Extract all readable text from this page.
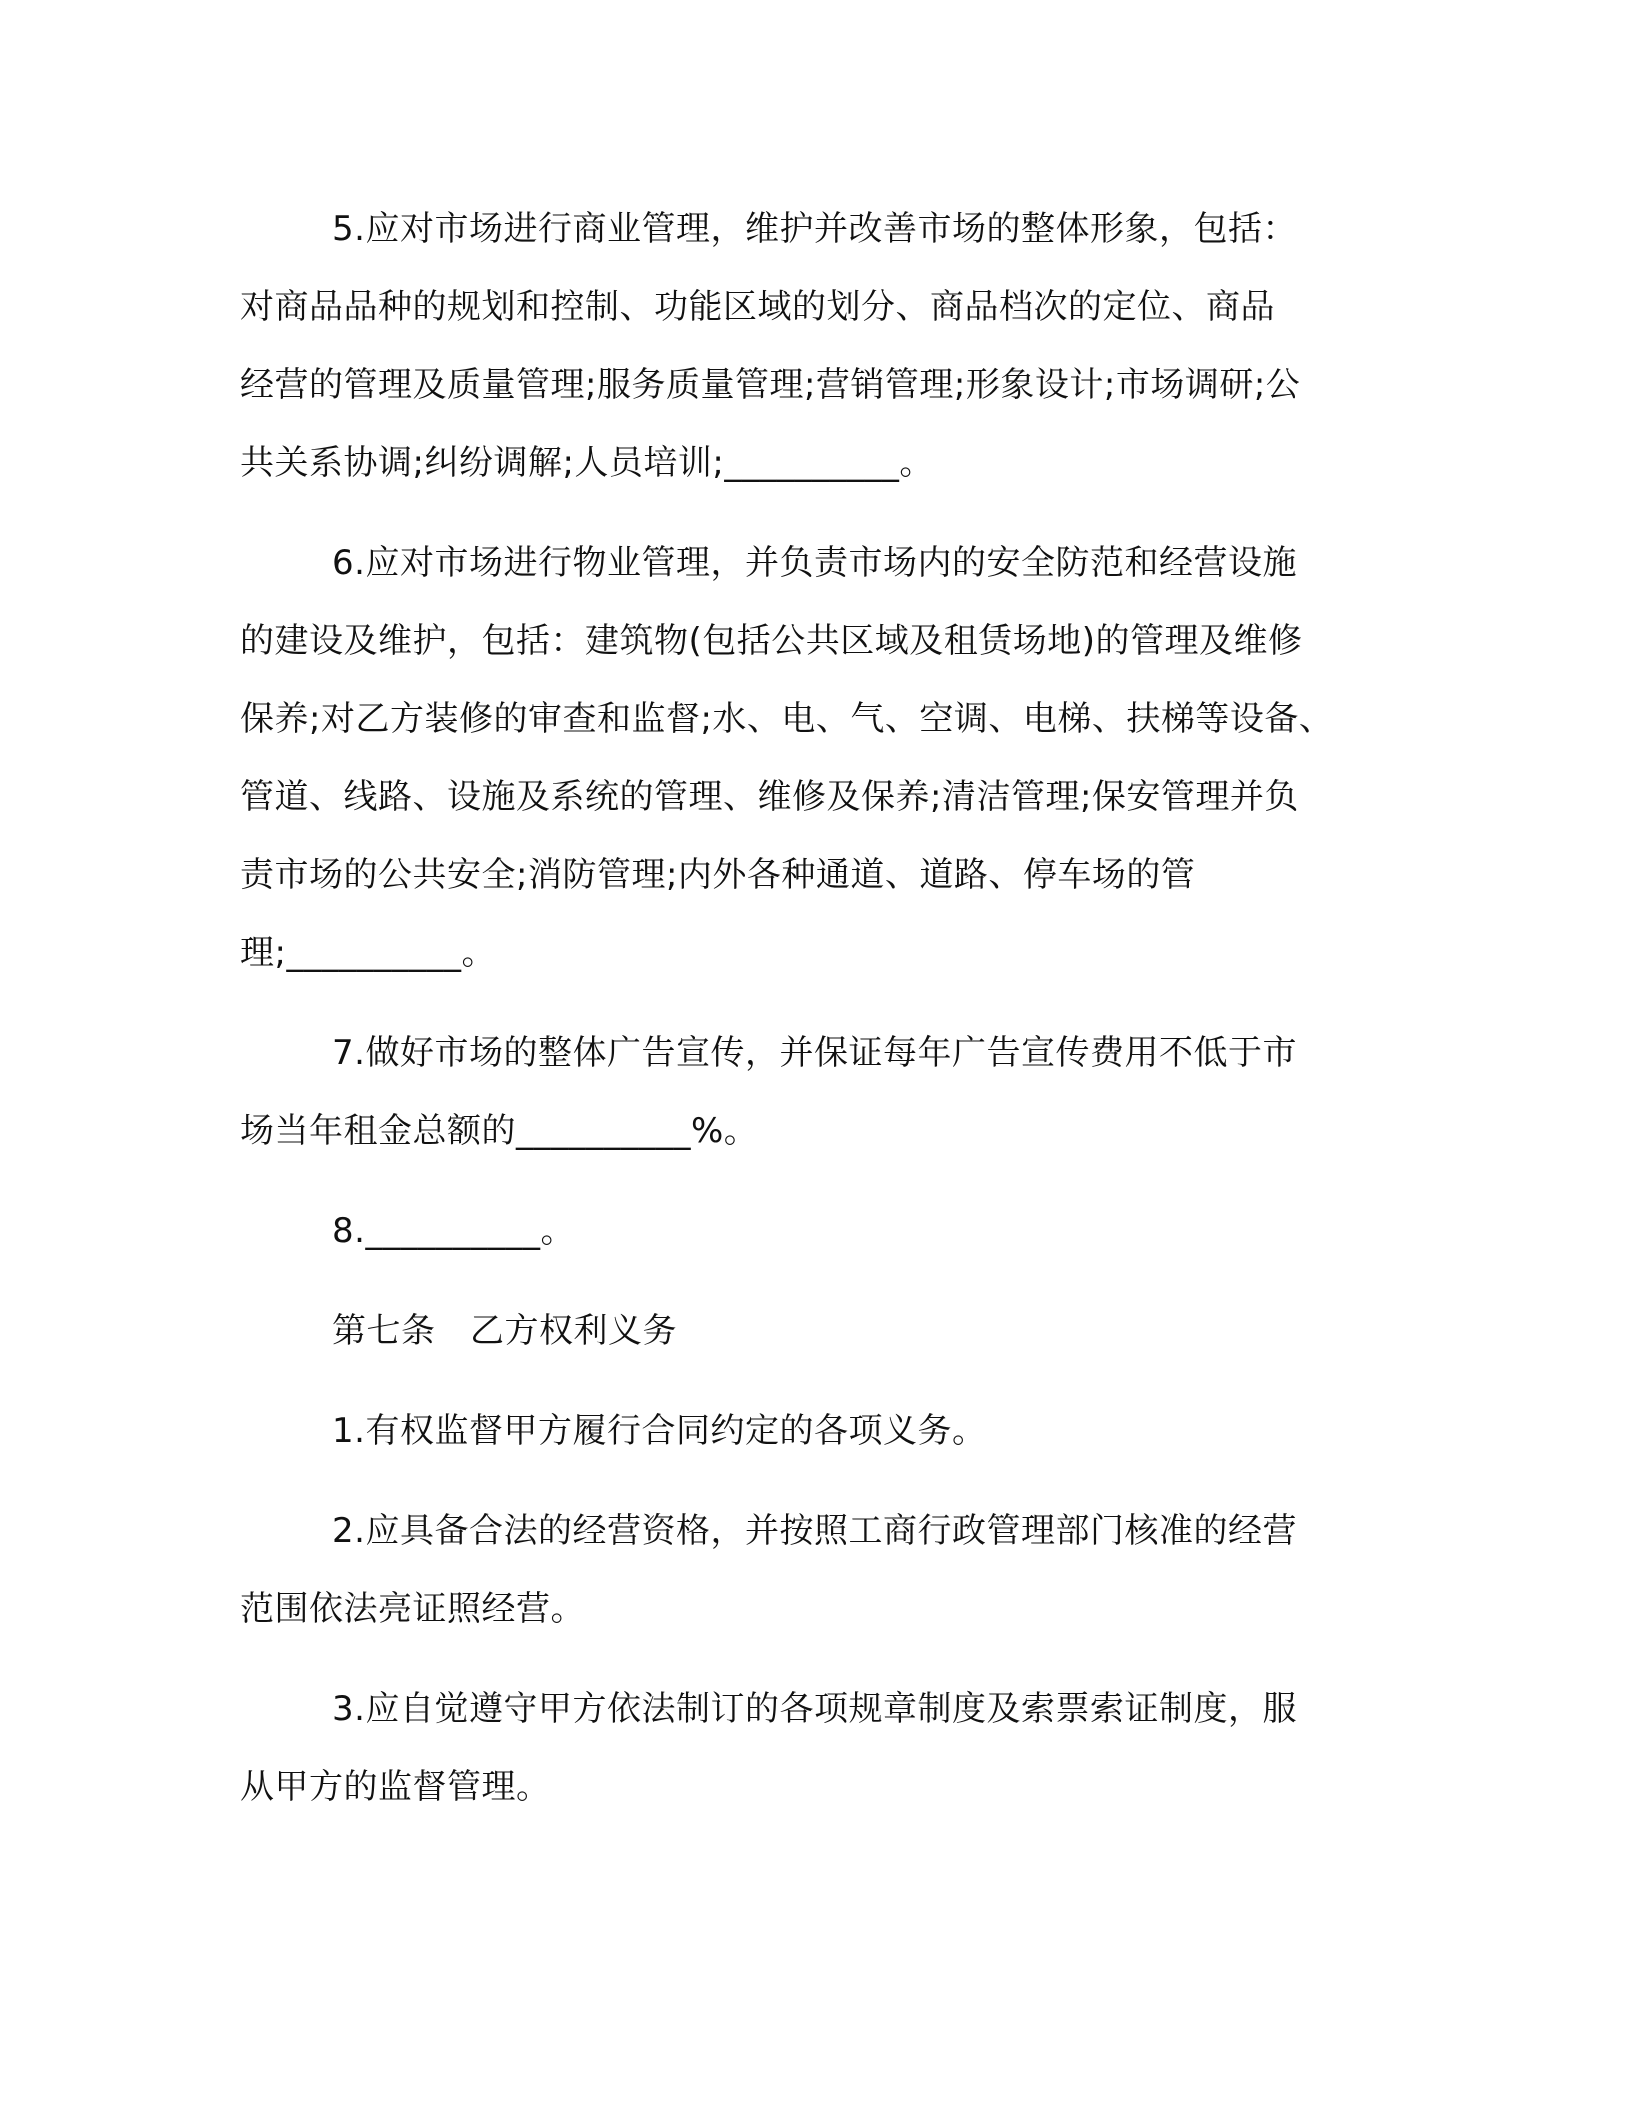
5.应对市场进行商业管理，维护并改善市场的整体形象，包括：
对商品品种的规划和控制、功能区域的划分、商品档次的定位、商品
经营的管理及质量管理;服务质量管理;营销管理;形象设计;市场调研;公
共关系协调;纠纷调解;人员培训;__________。

6.应对市场进行物业管理，并负责市场内的安全防范和经营设施
的建设及维护，包括：建筑物(包括公共区域及租赁场地)的管理及维修
保养;对乙方装修的审查和监督;水、电、气、空调、电梯、扶梯等设备、
管道、线路、设施及系统的管理、维修及保养;清洁管理;保安管理并负
责市场的公共安全;消防管理;内外各种通道、道路、停车场的管
理;__________。

7.做好市场的整体广告宣传，并保证每年广告宣传费用不低于市
场当年租金总额的__________%。

8.__________。

第七条　乙方权利义务

1.有权监督甲方履行合同约定的各项义务。

2.应具备合法的经营资格，并按照工商行政管理部门核准的经营
范围依法亮证照经营。

3.应自觉遵守甲方依法制订的各项规章制度及索票索证制度，服
从甲方的监督管理。
